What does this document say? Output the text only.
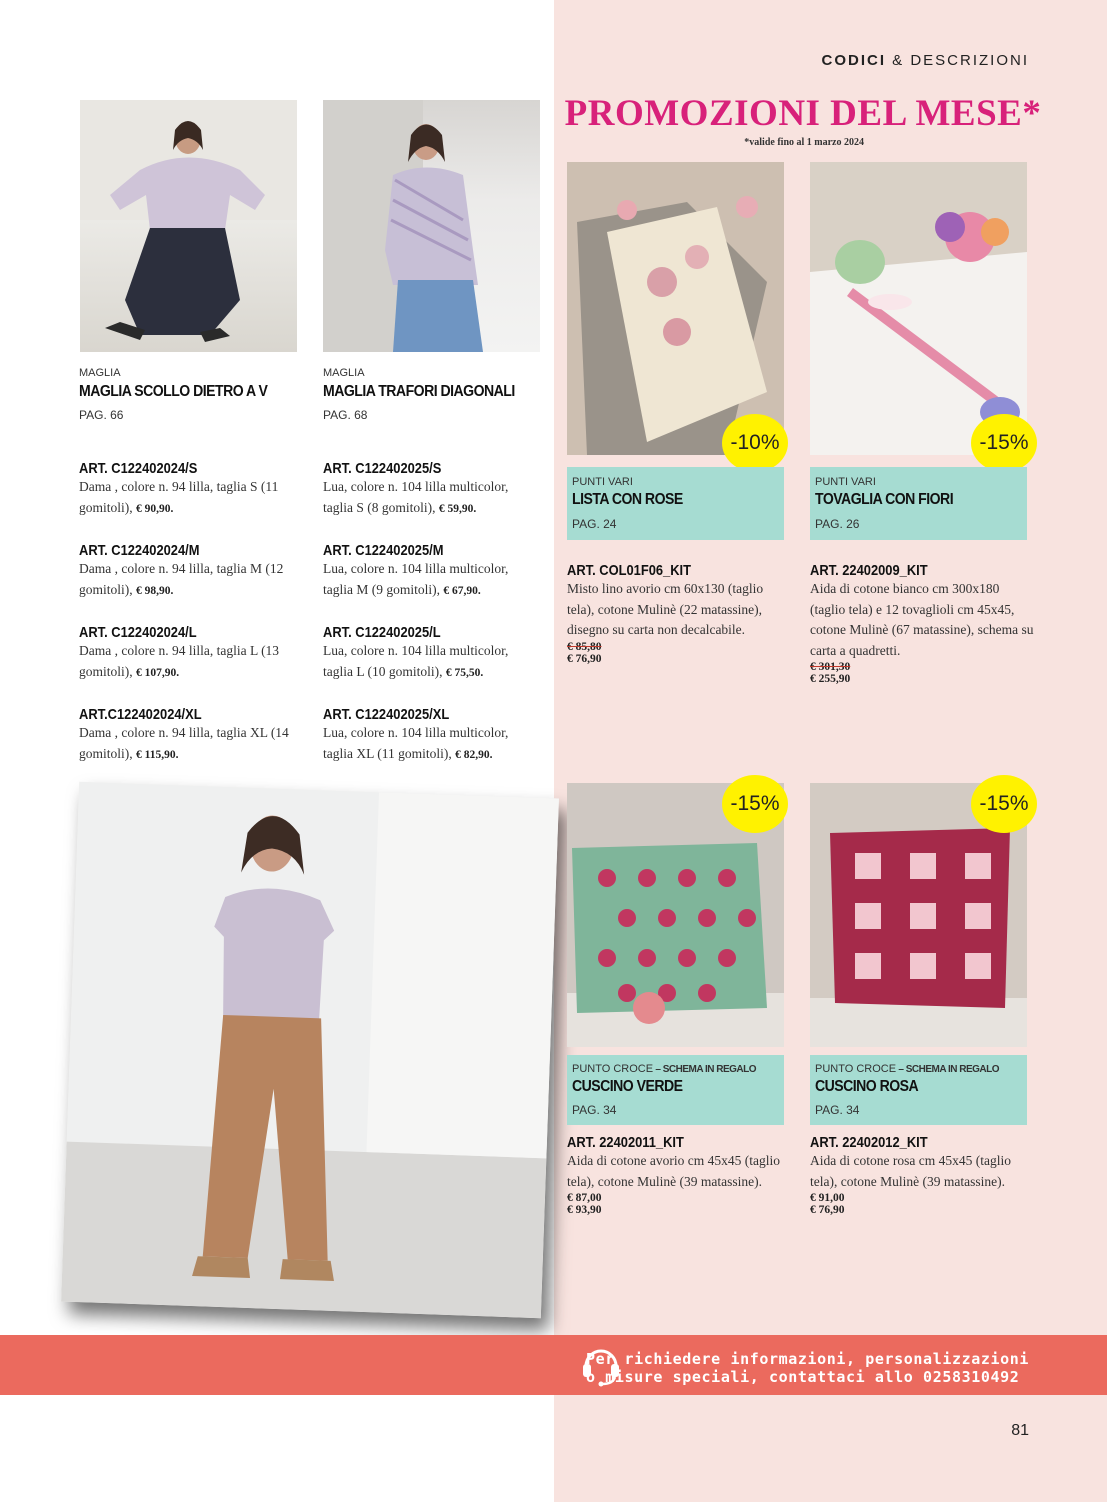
CODICI & DESCRIZIONI
PROMOZIONI DEL MESE*
*valide fino al 1 marzo 2024
MAGLIA
MAGLIA SCOLLO DIETRO A V
PAG. 66
ART. C122402024/S
Dama , colore n. 94 lilla, taglia S (11 gomitoli), € 90,90.
ART. C122402024/M
Dama , colore n. 94 lilla, taglia M (12 gomitoli), € 98,90.
ART. C122402024/L
Dama , colore n. 94 lilla, taglia L (13 gomitoli), € 107,90.
ART.C122402024/XL
Dama , colore n. 94 lilla, taglia XL (14 gomitoli), € 115,90.
MAGLIA
MAGLIA TRAFORI DIAGONALI
PAG. 68
ART. C122402025/S
Lua, colore n. 104 lilla multicolor, taglia S (8 gomitoli), € 59,90.
ART. C122402025/M
Lua, colore n. 104 lilla multicolor, taglia M (9 gomitoli), € 67,90.
ART. C122402025/L
Lua, colore n. 104 lilla multicolor, taglia L (10 gomitoli), € 75,50.
ART. C122402025/XL
Lua, colore n. 104 lilla multicolor, taglia XL (11 gomitoli), € 82,90.
-10%
PUNTI VARI
LISTA CON ROSE
PAG. 24
ART. COL01F06_KIT
Misto lino avorio cm 60x130 (taglio tela), cotone Mulinè (22 matassine), disegno su carta non decalcabile.
€ 85,80
€ 76,90
-15%
PUNTI VARI
TOVAGLIA CON FIORI
PAG. 26
ART. 22402009_KIT
Aida di cotone bianco cm 300x180 (taglio tela) e 12 tovaglioli cm 45x45, cotone Mulinè (67 matassine), schema su carta a quadretti.
€ 301,30
€ 255,90
-15%
PUNTO CROCE – SCHEMA IN REGALO
CUSCINO VERDE
PAG. 34
ART. 22402011_KIT
Aida di cotone avorio cm 45x45 (taglio tela), cotone Mulinè (39 matassine).
€ 87,00
€ 93,90
-15%
PUNTO CROCE – SCHEMA IN REGALO
CUSCINO ROSA
PAG. 34
ART. 22402012_KIT
Aida di cotone rosa cm 45x45 (taglio tela), cotone Mulinè (39 matassine).
€ 91,00
€ 76,90
Per richiedere informazioni, personalizzazioni
o misure speciali, contattaci allo 0258310492
81
